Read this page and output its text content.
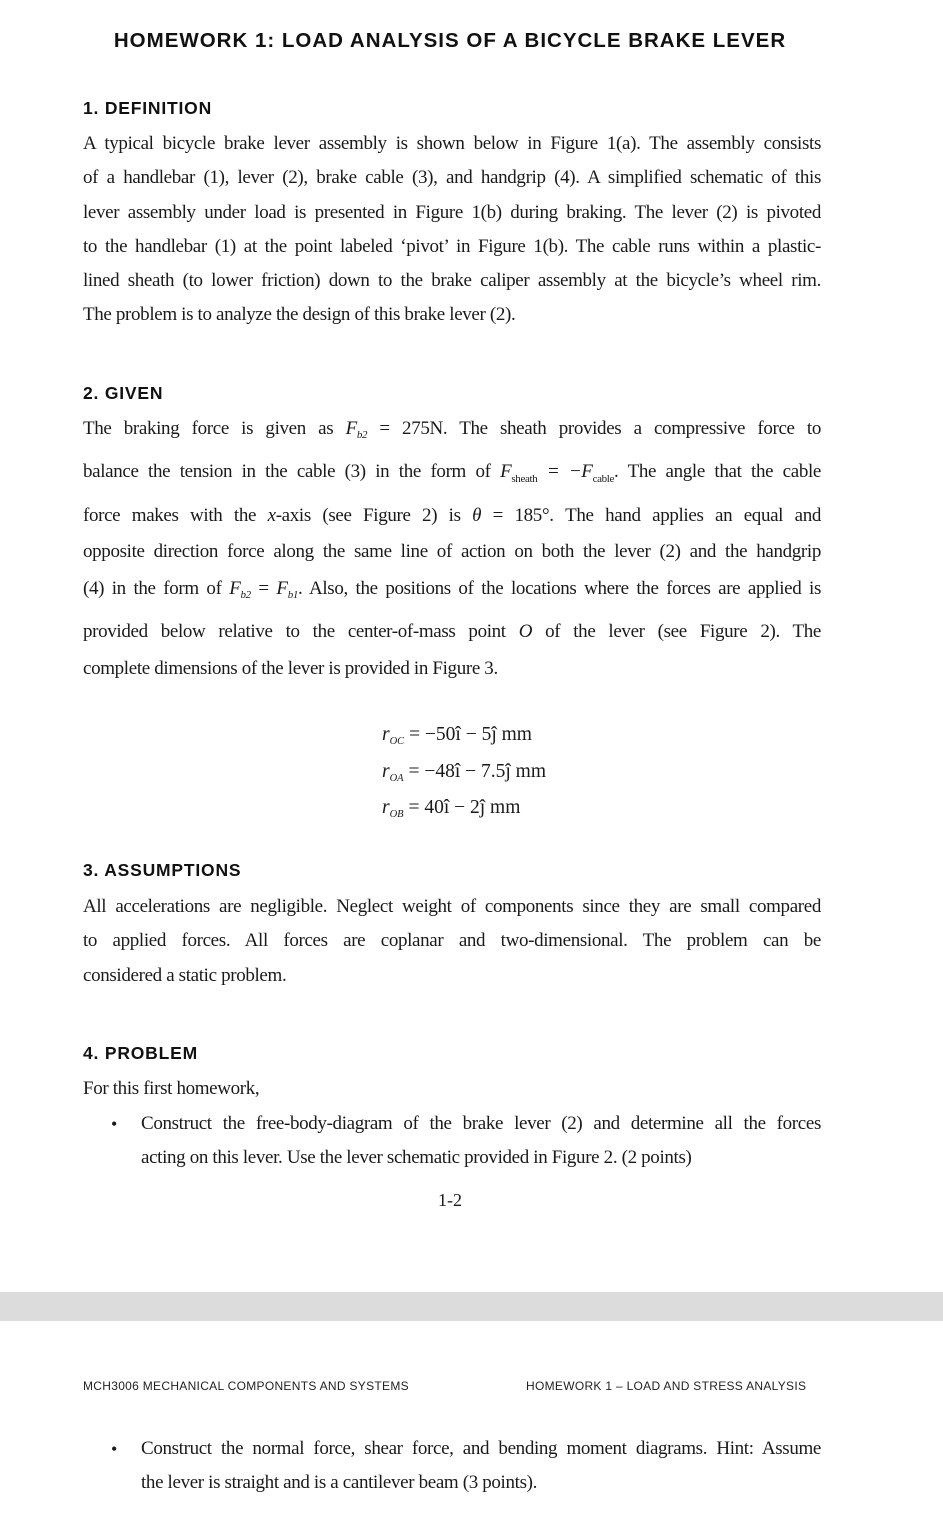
HOMEWORK 1: LOAD ANALYSIS OF A BICYCLE BRAKE LEVER
1. DEFINITION
A typical bicycle brake lever assembly is shown below in Figure 1(a). The assembly consists
of a handlebar (1), lever (2), brake cable (3), and handgrip (4). A simplified schematic of this
lever assembly under load is presented in Figure 1(b) during braking. The lever (2) is pivoted
to the handlebar (1) at the point labeled ‘pivot’ in Figure 1(b). The cable runs within a plastic-
lined sheath (to lower friction) down to the brake caliper assembly at the bicycle’s wheel rim.
The problem is to analyze the design of this brake lever (2).
2. GIVEN
The braking force is given as $F_{b2} = 275N$. The sheath provides a compressive force to
balance the tension in the cable (3) in the form of $F_{sheath} = -F_{cable}$. The angle that the cable
force makes with the x-axis (see Figure 2) is θ = 185°. The hand applies an equal and
opposite direction force along the same line of action on both the lever (2) and the handgrip
(4) in the form of $F_{b2} = F_{b1}$. Also, the positions of the locations where the forces are applied is
provided below relative to the center-of-mass point O of the lever (see Figure 2). The
complete dimensions of the lever is provided in Figure 3.
$r_{OC}$ = −50î − 5ĵ mm
$r_{OA}$ = −48î − 7.5ĵ mm
$r_{OB}$ = 40î − 2ĵ mm
3. ASSUMPTIONS
All accelerations are negligible. Neglect weight of components since they are small compared
to applied forces. All forces are coplanar and two-dimensional. The problem can be
considered a static problem.
4. PROBLEM
For this first homework,
• Construct the free-body-diagram of the brake lever (2) and determine all the forces
acting on this lever. Use the lever schematic provided in Figure 2. (2 points)
1-2
MCH3006 MECHANICAL COMPONENTS AND SYSTEMS	HOMEWORK 1 – LOAD AND STRESS ANALYSIS
• Construct the normal force, shear force, and bending moment diagrams. Hint: Assume
the lever is straight and is a cantilever beam (3 points).
